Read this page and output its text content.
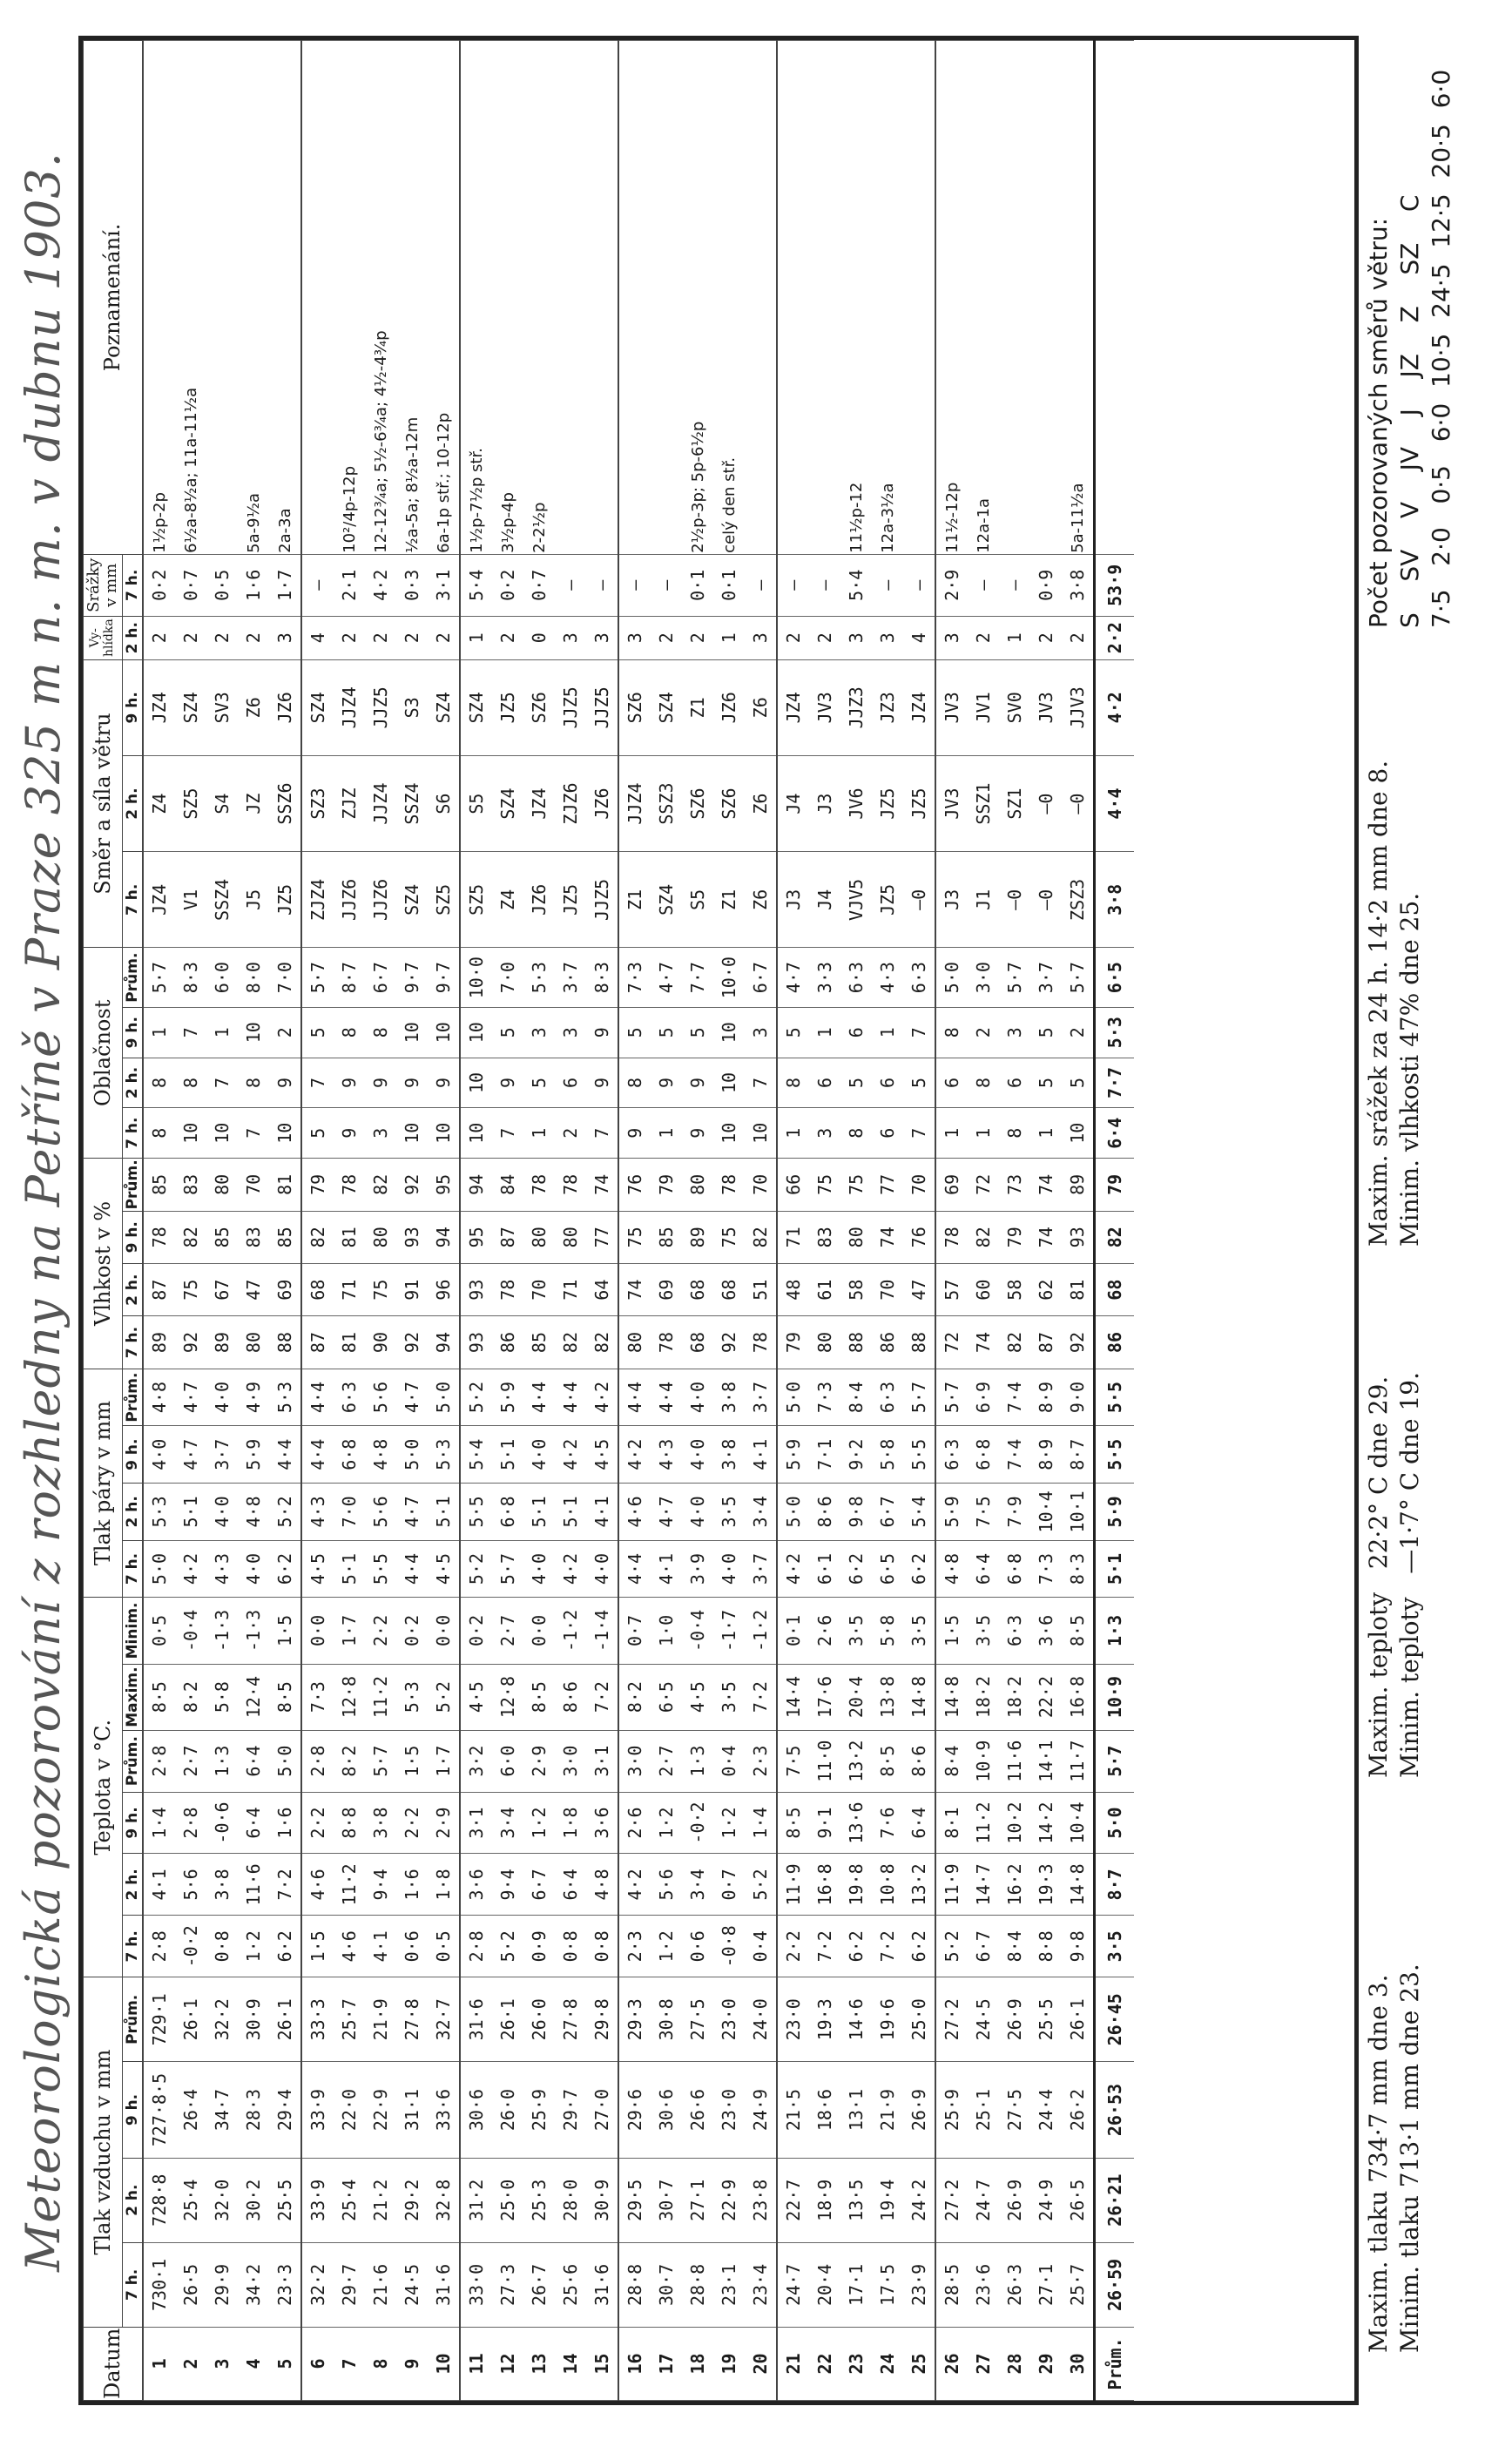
Meteorologická pozorování z rozhledny na Petříně v Praze 325 m n. m. v dubnu 1903.
Datum	Tlak vzduchu v mm				Teplota v °C.						Tlak páry v mm				Vlhkost v %				Oblačnost				Směr a síla větru			Vy-hlídka	Srážky v mm	Poznamenání.
	7 h.	2 h.	9 h.	Prům.	7 h.	2 h.	9 h.	Prům.	Maxim.	Minim.	7 h.	2 h.	9 h.	Prům.	7 h.	2 h.	9 h.	Prům.	7 h.	2 h.	9 h.	Prům.	7 h.	2 h.	9 h.	2 h.	7 h.	
1	730·1	728·8	727·8·5	729·1	2·8	4·1	1·4	2·8	8·5	0·5	5·0	5·3	4·0	4·8	89	87	78	85	8	8	1	5·7	JZ4	Z4	JZ4	2	0·2	1½p-2p
2	26·5	25·4	26·4	26·1	-0·2	5·6	2·8	2·7	8·2	-0·4	4·2	5·1	4·7	4·7	92	75	82	83	10	8	7	8·3	V1	SZ5	SZ4	2	0·7	6½a-8½a; 11a-11½a
3	29·9	32·0	34·7	32·2	0·8	3·8	-0·6	1·3	5·8	-1·3	4·3	4·0	3·7	4·0	89	67	85	80	10	7	1	6·0	SSZ4	S4	SV3	2	0·5	
4	34·2	30·2	28·3	30·9	1·2	11·6	6·4	6·4	12·4	-1·3	4·0	4·8	5·9	4·9	80	47	83	70	7	8	10	8·0	J5	JZ	Z6	2	1·6	5a-9½a
5	23·3	25·5	29·4	26·1	6·2	7·2	1·6	5·0	8·5	1·5	6·2	5·2	4·4	5·3	88	69	85	81	10	9	2	7·0	JZ5	SSZ6	JZ6	3	1·7	2a-3a
6	32·2	33·9	33·9	33·3	1·5	4·6	2·2	2·8	7·3	0·0	4·5	4·3	4·4	4·4	87	68	82	79	5	7	5	5·7	ZJZ4	SZ3	SZ4	4	—	
7	29·7	25·4	22·0	25·7	4·6	11·2	8·8	8·2	12·8	1·7	5·1	7·0	6·8	6·3	81	71	81	78	9	9	8	8·7	JJZ6	ZJZ	JJZ4	2	2·1	10²/4p-12p
8	21·6	21·2	22·9	21·9	4·1	9·4	3·8	5·7	11·2	2·2	5·5	5·6	4·8	5·6	90	75	80	82	3	9	8	6·7	JJZ6	JJZ4	JJZ5	2	4·2	12-12¾a; 5½-6¾a; 4½-4¾p
9	24·5	29·2	31·1	27·8	0·6	1·6	2·2	1·5	5·3	0·2	4·4	4·7	5·0	4·7	92	91	93	92	10	9	10	9·7	SZ4	SSZ4	S3	2	0·3	½a-5a; 8½a-12m
10	31·6	32·8	33·6	32·7	0·5	1·8	2·9	1·7	5·2	0·0	4·5	5·1	5·3	5·0	94	96	94	95	10	9	10	9·7	SZ5	S6	SZ4	2	3·1	6a-1p stř.; 10-12p
11	33·0	31·2	30·6	31·6	2·8	3·6	3·1	3·2	4·5	0·2	5·2	5·5	5·4	5·2	93	93	95	94	10	10	10	10·0	SZ5	S5	SZ4	1	5·4	1½p-7½p stř.
12	27·3	25·0	26·0	26·1	5·2	9·4	3·4	6·0	12·8	2·7	5·7	6·8	5·1	5·9	86	78	87	84	7	9	5	7·0	Z4	SZ4	JZ5	2	0·2	3½p-4p
13	26·7	25·3	25·9	26·0	0·9	6·7	1·2	2·9	8·5	0·0	4·0	5·1	4·0	4·4	85	70	80	78	1	5	3	5·3	JZ6	JZ4	SZ6	0	0·7	2-2½p
14	25·6	28·0	29·7	27·8	0·8	6·4	1·8	3·0	8·6	-1·2	4·2	5·1	4·2	4·4	82	71	80	78	2	6	3	3·7	JZ5	ZJZ6	JJZ5	3	—	
15	31·6	30·9	27·0	29·8	0·8	4·8	3·6	3·1	7·2	-1·4	4·0	4·1	4·5	4·2	82	64	77	74	7	9	9	8·3	JJZ5	JZ6	JJZ5	3	—	
16	28·8	29·5	29·6	29·3	2·3	4·2	2·6	3·0	8·2	0·7	4·4	4·6	4·2	4·4	80	74	75	76	9	8	5	7·3	Z1	JJZ4	SZ6	3	—	
17	30·7	30·7	30·6	30·8	1·2	5·6	1·2	2·7	6·5	1·0	4·1	4·7	4·3	4·4	78	69	85	79	1	9	5	4·7	SZ4	SSZ3	SZ4	2	—	
18	28·8	27·1	26·6	27·5	0·6	3·4	-0·2	1·3	4·5	-0·4	3·9	4·0	4·0	4·0	68	68	89	80	9	9	5	7·7	S5	SZ6	Z1	2	0·1	2½p-3p; 5p-6½p
19	23·1	22·9	23·0	23·0	-0·8	0·7	1·2	0·4	3·5	-1·7	4·0	3·5	3·8	3·8	92	68	75	78	10	10	10	10·0	Z1	SZ6	JZ6	1	0·1	celý den stř.
20	23·4	23·8	24·9	24·0	0·4	5·2	1·4	2·3	7·2	-1·2	3·7	3·4	4·1	3·7	78	51	82	70	10	7	3	6·7	Z6	Z6	Z6	3	—	
21	24·7	22·7	21·5	23·0	2·2	11·9	8·5	7·5	14·4	0·1	4·2	5·0	5·9	5·0	79	48	71	66	1	8	5	4·7	J3	J4	JZ4	2	—	
22	20·4	18·9	18·6	19·3	7·2	16·8	9·1	11·0	17·6	2·6	6·1	8·6	7·1	7·3	80	61	83	75	3	6	1	3·3	J4	J3	JV3	2	—	
23	17·1	13·5	13·1	14·6	6·2	19·8	13·6	13·2	20·4	3·5	6·2	9·8	9·2	8·4	88	58	80	75	8	5	6	6·3	VJV5	JV6	JJZ3	3	5·4	11½p-12
24	17·5	19·4	21·9	19·6	7·2	10·8	7·6	8·5	13·8	5·8	6·5	6·7	5·8	6·3	86	70	74	77	6	6	1	4·3	JZ5	JZ5	JZ3	3	—	12a-3½a
25	23·9	24·2	26·9	25·0	6·2	13·2	6·4	8·6	14·8	3·5	6·2	5·4	5·5	5·7	88	47	76	70	7	5	7	6·3	—0	JZ5	JZ4	4	—	
26	28·5	27·2	25·9	27·2	5·2	11·9	8·1	8·4	14·8	1·5	4·8	5·9	6·3	5·7	72	57	78	69	1	6	8	5·0	J3	JV3	JV3	3	2·9	11½-12p
27	23·6	24·7	25·1	24·5	6·7	14·7	11·2	10·9	18·2	3·5	6·4	7·5	6·8	6·9	74	60	82	72	1	8	2	3·0	J1	SSZ1	JV1	2	—	12a-1a
28	26·3	26·9	27·5	26·9	8·4	16·2	10·2	11·6	18·2	6·3	6·8	7·9	7·4	7·4	82	58	79	73	8	6	3	5·7	—0	SZ1	SV0	1	—	
29	27·1	24·9	24·4	25·5	8·8	19·3	14·2	14·1	22·2	3·6	7·3	10·4	8·9	8·9	87	62	74	74	1	5	5	3·7	—0	—0	JV3	2	0·9	
30	25·7	26·5	26·2	26·1	9·8	14·8	10·4	11·7	16·8	8·5	8·3	10·1	8·7	9·0	92	81	93	89	10	5	2	5·7	ZSZ3	—0	JJV3	2	3·8	5a-11½a
Prům.	26·59	26·21	26·53	26·45	3·5	8·7	5·0	5·7	10·9	1·3	5·1	5·9	5·5	5·5	86	68	82	79	6·4	7·7	5·3	6·5	3·8	4·4	4·2	2·2	53·9	
Maxim. tlaku 734·7 mm dne 3. Minim. tlaku 713·1 mm dne 23.
Maxim. teploty   22·2° C dne 29. Minim. teploty   —1·7° C dne 19.
Maxim. srážek za 24 h. 14·2 mm dne 8. Minim. vlhkosti 47% dne 25.
Počet pozorovaných směrů větru: S    SV    V    JV    J    JZ    Z    SZ    C 7·5   2·0   0·5   6·0  10·5  24·5  12·5  20·5  6·0
